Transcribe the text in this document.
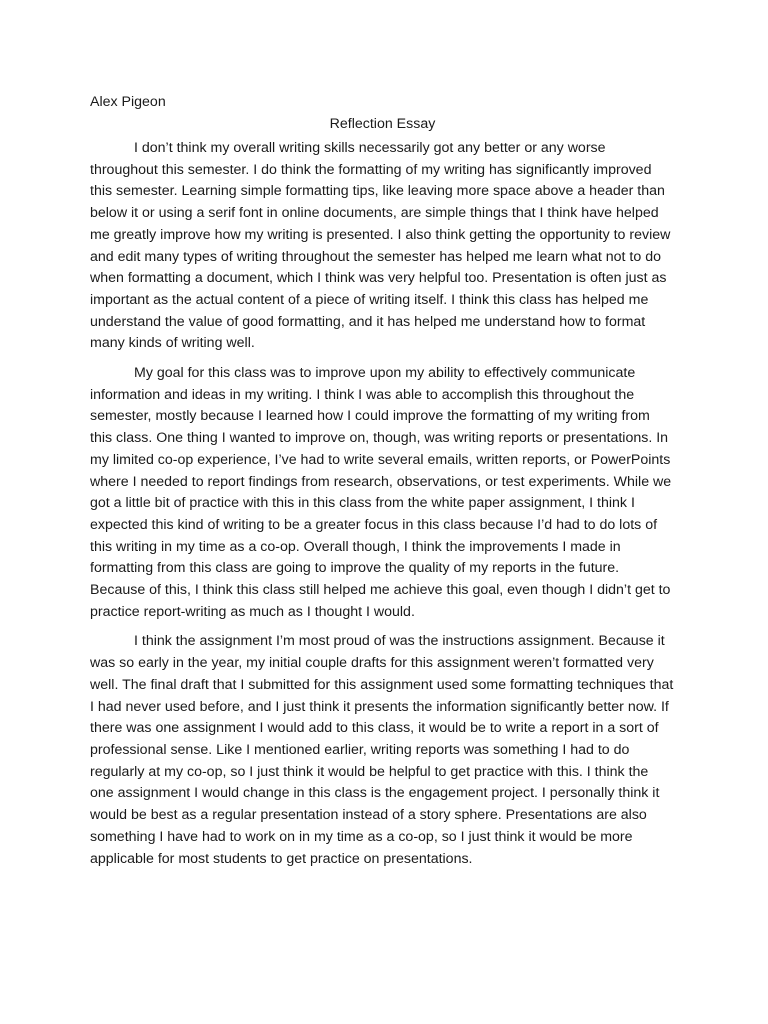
Alex Pigeon

Reflection Essay

I don’t think my overall writing skills necessarily got any better or any worse throughout this semester. I do think the formatting of my writing has significantly improved this semester. Learning simple formatting tips, like leaving more space above a header than below it or using a serif font in online documents, are simple things that I think have helped me greatly improve how my writing is presented. I also think getting the opportunity to review and edit many types of writing throughout the semester has helped me learn what not to do when formatting a document, which I think was very helpful too. Presentation is often just as important as the actual content of a piece of writing itself. I think this class has helped me understand the value of good formatting, and it has helped me understand how to format many kinds of writing well.

My goal for this class was to improve upon my ability to effectively communicate information and ideas in my writing. I think I was able to accomplish this throughout the semester, mostly because I learned how I could improve the formatting of my writing from this class. One thing I wanted to improve on, though, was writing reports or presentations. In my limited co-op experience, I’ve had to write several emails, written reports, or PowerPoints where I needed to report findings from research, observations, or test experiments. While we got a little bit of practice with this in this class from the white paper assignment, I think I expected this kind of writing to be a greater focus in this class because I’d had to do lots of this writing in my time as a co-op. Overall though, I think the improvements I made in formatting from this class are going to improve the quality of my reports in the future. Because of this, I think this class still helped me achieve this goal, even though I didn’t get to practice report-writing as much as I thought I would.

I think the assignment I’m most proud of was the instructions assignment. Because it was so early in the year, my initial couple drafts for this assignment weren’t formatted very well. The final draft that I submitted for this assignment used some formatting techniques that I had never used before, and I just think it presents the information significantly better now. If there was one assignment I would add to this class, it would be to write a report in a sort of professional sense. Like I mentioned earlier, writing reports was something I had to do regularly at my co-op, so I just think it would be helpful to get practice with this. I think the one assignment I would change in this class is the engagement project. I personally think it would be best as a regular presentation instead of a story sphere. Presentations are also something I have had to work on in my time as a co-op, so I just think it would be more applicable for most students to get practice on presentations.
